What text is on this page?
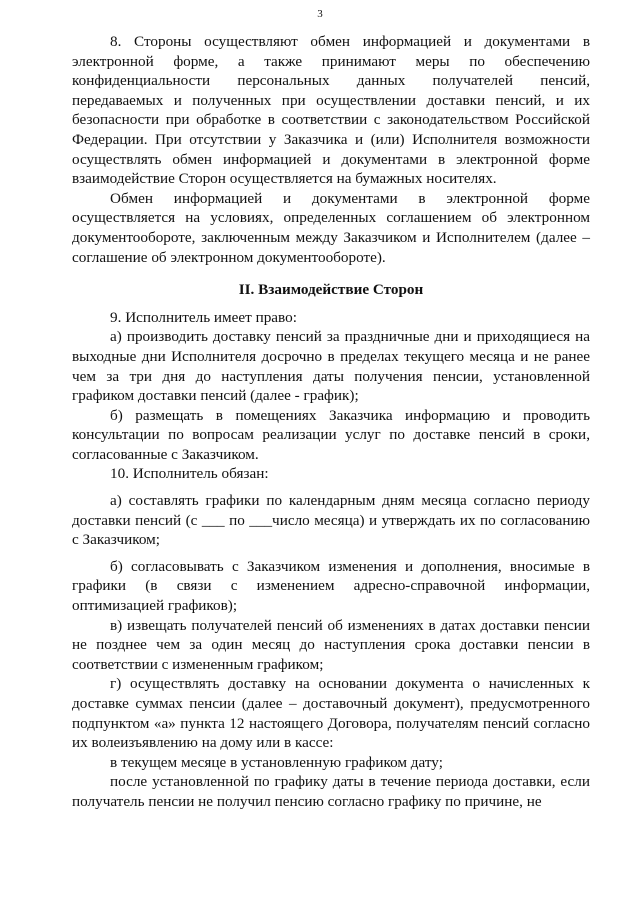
3

8. Стороны осуществляют обмен информацией и документами в электронной форме, а также принимают меры по обеспечению конфиденциальности персональных данных получателей пенсий, передаваемых и полученных при осуществлении доставки пенсий, и их безопасности при обработке в соответствии с законодательством Российской Федерации. При отсутствии у Заказчика и (или) Исполнителя возможности осуществлять обмен информацией и документами в электронной форме взаимодействие Сторон осуществляется на бумажных носителях.

Обмен информацией и документами в электронной форме осуществляется на условиях, определенных соглашением об электронном документообороте, заключенным между Заказчиком и Исполнителем (далее – соглашение об электронном документообороте).

II. Взаимодействие Сторон

9. Исполнитель имеет право:

а) производить доставку пенсий за праздничные дни и приходящиеся на выходные дни Исполнителя досрочно в пределах текущего месяца и не ранее чем за три дня до наступления даты получения пенсии, установленной графиком доставки пенсий (далее - график);

б) размещать в помещениях Заказчика информацию и проводить консультации по вопросам реализации услуг по доставке пенсий в сроки, согласованные с Заказчиком.

10. Исполнитель обязан:

а) составлять графики по календарным дням месяца согласно периоду доставки пенсий (с ___ по ___число месяца) и утверждать их по согласованию с Заказчиком;

б) согласовывать с Заказчиком изменения и дополнения, вносимые в графики (в связи с изменением адресно-справочной информации, оптимизацией графиков);

в) извещать получателей пенсий об изменениях в датах доставки пенсии не позднее чем за один месяц до наступления срока доставки пенсии в соответствии с измененным графиком;

г) осуществлять доставку на основании документа о начисленных к доставке суммах пенсии (далее – доставочный документ), предусмотренного подпунктом «а» пункта 12 настоящего Договора, получателям пенсий согласно их волеизъявлению на дому или в кассе:

в текущем месяце в установленную графиком дату;

после установленной по графику даты в течение периода доставки, если получатель пенсии не получил пенсию согласно графику по причине, не
